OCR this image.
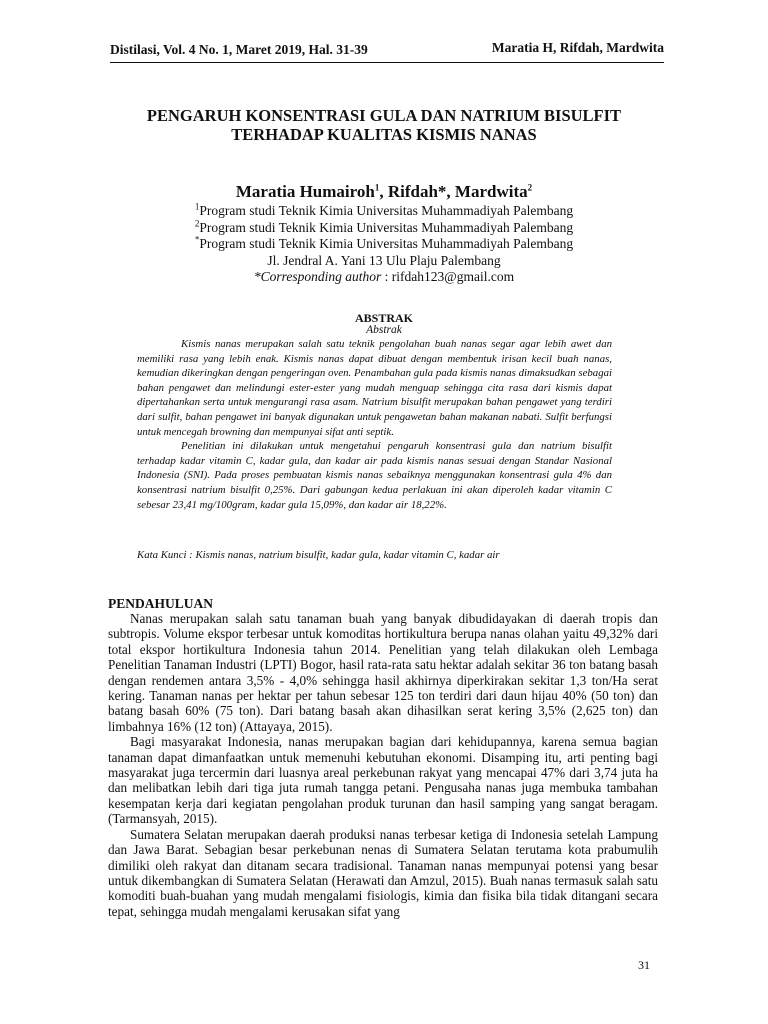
Distilasi, Vol. 4 No. 1, Maret 2019, Hal. 31-39	Maratia H, Rifdah, Mardwita
PENGARUH KONSENTRASI GULA DAN NATRIUM BISULFIT
TERHADAP KUALITAS KISMIS NANAS
Maratia Humairoh$^1$, Rifdah*, Mardwita$^2$
$^1$Program studi Teknik Kimia Universitas Muhammadiyah Palembang
$^2$Program studi Teknik Kimia Universitas Muhammadiyah Palembang
*Program studi Teknik Kimia Universitas Muhammadiyah Palembang
Jl. Jendral A. Yani 13 Ulu Plaju Palembang
*Corresponding author : rifdah123@gmail.com
ABSTRAK
Abstrak

Kismis nanas merupakan salah satu teknik pengolahan buah nanas segar agar lebih awet dan memiliki rasa yang lebih enak. Kismis nanas dapat dibuat dengan membentuk irisan kecil buah nanas, kemudian dikeringkan dengan pengeringan oven. Penambahan gula pada kismis nanas dimaksudkan sebagai bahan pengawet dan melindungi ester-ester yang mudah menguap sehingga cita rasa dari kismis dapat dipertahankan serta untuk mengurangi rasa asam. Natrium bisulfit merupakan bahan pengawet yang terdiri dari sulfit, bahan pengawet ini banyak digunakan untuk pengawetan bahan makanan nabati. Sulfit berfungsi untuk mencegah browning dan mempunyai sifat anti septik.

Penelitian ini dilakukan untuk mengetahui pengaruh konsentrasi gula dan natrium bisulfit terhadap kadar vitamin C, kadar gula, dan kadar air pada kismis nanas sesuai dengan Standar Nasional Indonesia (SNI). Pada proses pembuatan kismis nanas sebaiknya menggunakan konsentrasi gula 4% dan konsentrasi natrium bisulfit 0,25%. Dari gabungan kedua perlakuan ini akan diperoleh kadar vitamin C sebesar 23,41 mg/100gram, kadar gula 15,09%, dan kadar air 18,22%.

Kata Kunci : Kismis nanas, natrium bisulfit, kadar gula, kadar vitamin C, kadar air
PENDAHULUAN

Nanas merupakan salah satu tanaman buah yang banyak dibudidayakan di daerah tropis dan subtropis. Volume ekspor terbesar untuk komoditas hortikultura berupa nanas olahan yaitu 49,32% dari total ekspor hortikultura Indonesia tahun 2014. Penelitian yang telah dilakukan oleh Lembaga Penelitian Tanaman Industri (LPTI) Bogor, hasil rata-rata satu hektar adalah sekitar 36 ton batang basah dengan rendemen antara 3,5% - 4,0% sehingga hasil akhirnya diperkirakan sekitar 1,3 ton/Ha serat kering. Tanaman nanas per hektar per tahun sebesar 125 ton terdiri dari daun hijau 40% (50 ton) dan batang basah 60% (75 ton). Dari batang basah akan dihasilkan serat kering 3,5% (2,625 ton) dan limbahnya 16% (12 ton) (Attayaya, 2015).

Bagi masyarakat Indonesia, nanas merupakan bagian dari kehidupannya, karena semua bagian tanaman dapat dimanfaatkan untuk memenuhi kebutuhan ekonomi. Disamping itu, arti penting bagi masyarakat juga tercermin dari luasnya areal perkebunan rakyat yang mencapai 47% dari 3,74 juta ha dan melibatkan lebih dari tiga juta rumah tangga petani. Pengusaha nanas juga membuka tambahan kesempatan kerja dari kegiatan pengolahan produk turunan dan hasil samping yang sangat beragam. (Tarmansyah, 2015).

Sumatera Selatan merupakan daerah produksi nanas terbesar ketiga di Indonesia setelah Lampung dan Jawa Barat. Sebagian besar perkebunan nenas di Sumatera Selatan terutama kota prabumulih dimiliki oleh rakyat dan ditanam secara tradisional. Tanaman nanas mempunyai potensi yang besar untuk dikembangkan di Sumatera Selatan (Herawati dan Amzul, 2015). Buah nanas termasuk salah satu komoditi buah-buahan yang mudah mengalami fisiologis, kimia dan fisika bila tidak ditangani secara tepat, sehingga mudah mengalami kerusakan sifat yang

31
